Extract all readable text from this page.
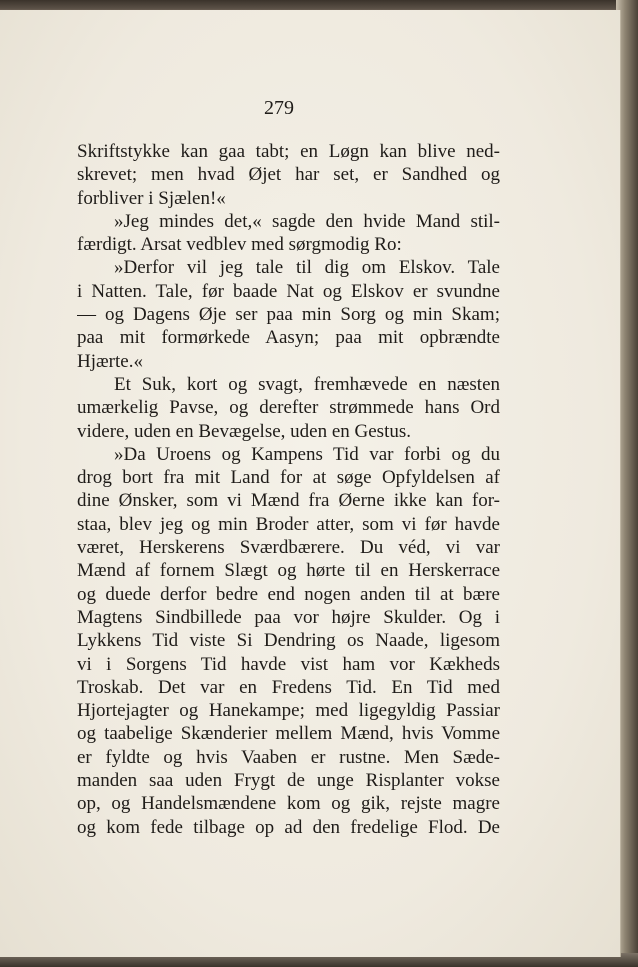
279
Skriftstykke kan gaa tabt; en Løgn kan blive ned-
skrevet; men hvad Øjet har set, er Sandhed og
forbliver i Sjælen!«
»Jeg mindes det,« sagde den hvide Mand stil-
færdigt. Arsat vedblev med sørgmodig Ro:
»Derfor vil jeg tale til dig om Elskov. Tale
i Natten. Tale, før baade Nat og Elskov er svundne
— og Dagens Øje ser paa min Sorg og min Skam;
paa mit formørkede Aasyn; paa mit opbrændte
Hjærte.«
Et Suk, kort og svagt, fremhævede en næsten
umærkelig Pavse, og derefter strømmede hans Ord
videre, uden en Bevægelse, uden en Gestus.
»Da Uroens og Kampens Tid var forbi og du
drog bort fra mit Land for at søge Opfyldelsen af
dine Ønsker, som vi Mænd fra Øerne ikke kan for-
staa, blev jeg og min Broder atter, som vi før havde
været, Herskerens Sværdbærere. Du véd, vi var
Mænd af fornem Slægt og hørte til en Herskerrace
og duede derfor bedre end nogen anden til at bære
Magtens Sindbillede paa vor højre Skulder. Og i
Lykkens Tid viste Si Dendring os Naade, ligesom
vi i Sorgens Tid havde vist ham vor Kækheds
Troskab. Det var en Fredens Tid. En Tid med
Hjortejagter og Hanekampe; med ligegyldig Passiar
og taabelige Skænderier mellem Mænd, hvis Vomme
er fyldte og hvis Vaaben er rustne. Men Sæde-
manden saa uden Frygt de unge Risplanter vokse
op, og Handelsmændene kom og gik, rejste magre
og kom fede tilbage op ad den fredelige Flod. De
